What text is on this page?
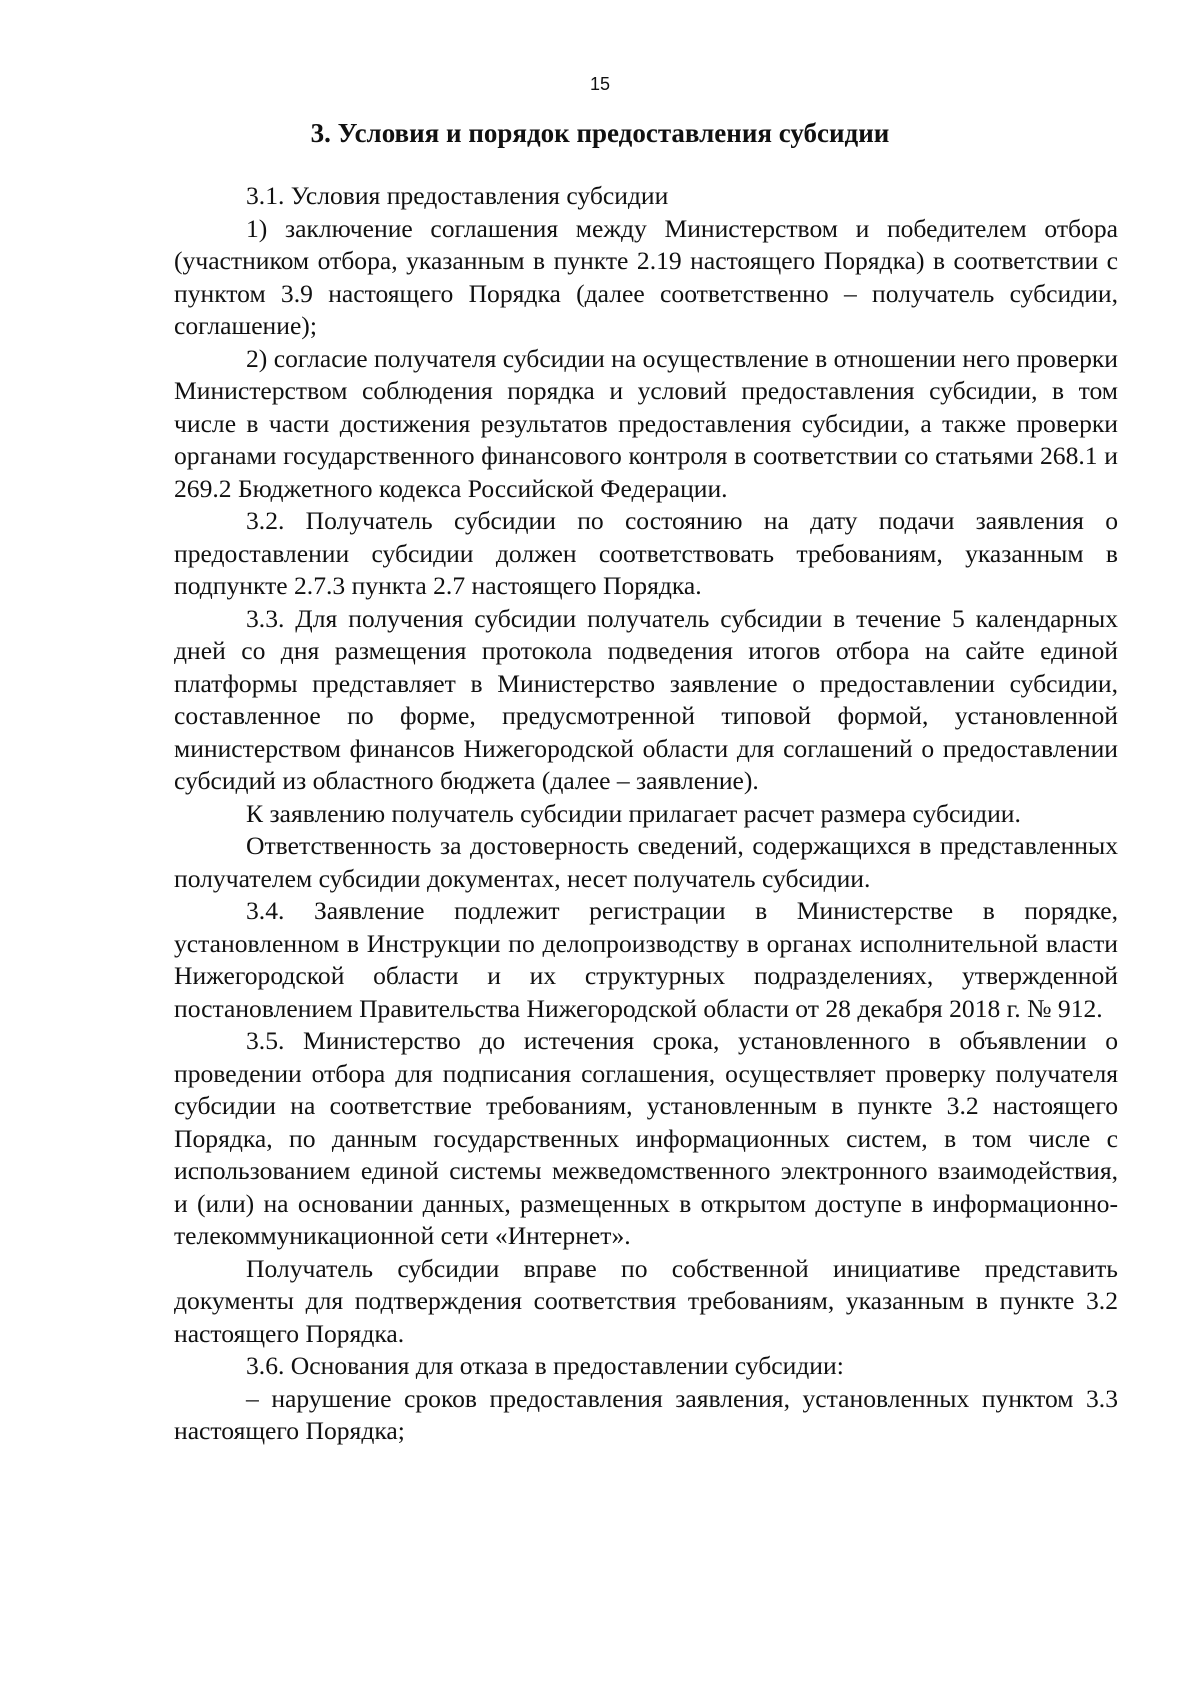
15
3. Условия и порядок предоставления субсидии

3.1. Условия предоставления субсидии

1) заключение соглашения между Министерством и победителем отбора (участником отбора, указанным в пункте 2.19 настоящего Порядка) в соответствии с пунктом 3.9 настоящего Порядка (далее соответственно – получатель субсидии, соглашение);

2) согласие получателя субсидии на осуществление в отношении него проверки Министерством соблюдения порядка и условий предоставления субсидии, в том числе в части достижения результатов предоставления субсидии, а также проверки органами государственного финансового контроля в соответствии со статьями 268.1 и 269.2 Бюджетного кодекса Российской Федерации.

3.2. Получатель субсидии по состоянию на дату подачи заявления о предоставлении субсидии должен соответствовать требованиям, указанным в подпункте 2.7.3 пункта 2.7 настоящего Порядка.

3.3. Для получения субсидии получатель субсидии в течение 5 календарных дней со дня размещения протокола подведения итогов отбора на сайте единой платформы представляет в Министерство заявление о предоставлении субсидии, составленное по форме, предусмотренной типовой формой, установленной министерством финансов Нижегородской области для соглашений о предоставлении субсидий из областного бюджета (далее – заявление).

К заявлению получатель субсидии прилагает расчет размера субсидии.

Ответственность за достоверность сведений, содержащихся в представленных получателем субсидии документах, несет получатель субсидии.

3.4. Заявление подлежит регистрации в Министерстве в порядке, установленном в Инструкции по делопроизводству в органах исполнительной власти Нижегородской области и их структурных подразделениях, утвержденной постановлением Правительства Нижегородской области от 28 декабря 2018 г. № 912.

3.5. Министерство до истечения срока, установленного в объявлении о проведении отбора для подписания соглашения, осуществляет проверку получателя субсидии на соответствие требованиям, установленным в пункте 3.2 настоящего Порядка, по данным государственных информационных систем, в том числе с использованием единой системы межведомственного электронного взаимодействия, и (или) на основании данных, размещенных в открытом доступе в информационно-телекоммуникационной сети «Интернет».

Получатель субсидии вправе по собственной инициативе представить документы для подтверждения соответствия требованиям, указанным в пункте 3.2 настоящего Порядка.

3.6. Основания для отказа в предоставлении субсидии:

– нарушение сроков предоставления заявления, установленных пунктом 3.3 настоящего Порядка;
